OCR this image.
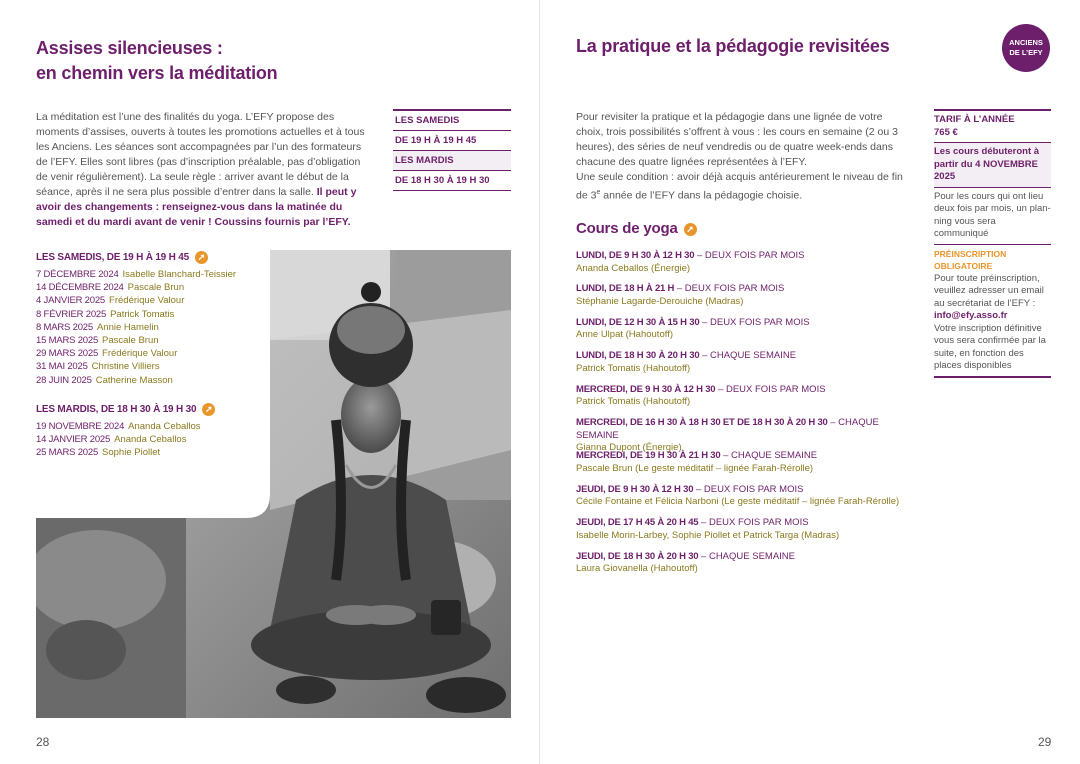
Assises silencieuses :
en chemin vers la méditation
La méditation est l’une des finalités du yoga. L’EFY propose des moments d’assises, ouverts à toutes les promotions actuelles et à tous les Anciens. Les séances sont accompagnées par l’un des formateurs de l’EFY. Elles sont libres (pas d’inscription préalable, pas d’obligation de venir régulièrement). La seule règle : arriver avant le début de la séance, après il ne sera plus possible d’entrer dans la salle. Il peut y avoir des changements : renseignez-vous dans la matinée du samedi et du mardi avant de venir ! Coussins fournis par l’EFY.
LES SAMEDIS
DE 19 H À 19 H 45
LES MARDIS
DE 18 H 30 À 19 H 30
LES SAMEDIS, DE 19 H À 19 H 45 ➚
7 DÉCEMBRE 2024 Isabelle Blanchard-Teissier
14 DÉCEMBRE 2024 Pascale Brun
4 JANVIER 2025 Frédérique Valour
8 FÉVRIER 2025 Patrick Tomatis
8 MARS 2025 Annie Hamelin
15 MARS 2025 Pascale Brun
29 MARS 2025 Frédérique Valour
31 MAI 2025 Christine Villiers
28 JUIN 2025 Catherine Masson
LES MARDIS, DE 18 H 30 À 19 H 30 ➚
19 NOVEMBRE 2024 Ananda Ceballos
14 JANVIER 2025 Ananda Ceballos
25 MARS 2025 Sophie Piollet
28
La pratique et la pédagogie revisitées	ANCIENS
DE L’EFY
Pour revisiter la pratique et la pédagogie dans une lignée de votre choix, trois possibilités s’offrent à vous : les cours en semaine (2 ou 3 heures), des séries de neuf vendredis ou de quatre week-ends dans chacune des quatre lignées représentées à l’EFY.
Une seule condition : avoir déjà acquis antérieurement le niveau de fin de 3e année de l’EFY dans la pédagogie choisie.
Cours de yoga ➚
LUNDI, DE 9 H 30 À 12 H 30 – DEUX FOIS PAR MOIS
Ananda Ceballos (Énergie)
LUNDI, DE 18 H À 21 H – DEUX FOIS PAR MOIS
Stéphanie Lagarde-Derouiche (Madras)
LUNDI, DE 12 H 30 À 15 H 30 – DEUX FOIS PAR MOIS
Anne Ulpat (Hahoutoff)
LUNDI, DE 18 H 30 À 20 H 30 – CHAQUE SEMAINE
Patrick Tomatis (Hahoutoff)
MERCREDI, DE 9 H 30 À 12 H 30 – DEUX FOIS PAR MOIS
Patrick Tomatis (Hahoutoff)
MERCREDI, DE 16 H 30 À 18 H 30 ET DE 18 H 30 À 20 H 30 – CHAQUE SEMAINE
Gianna Dupont (Énergie)
MERCREDI, DE 19 H 30 À 21 H 30 – CHAQUE SEMAINE
Pascale Brun (Le geste méditatif – lignée Farah-Rérolle)
JEUDI, DE 9 H 30 À 12 H 30 – DEUX FOIS PAR MOIS
Cécile Fontaine et Félicia Narboni (Le geste méditatif – lignée Farah-Rérolle)
JEUDI, DE 17 H 45 À 20 H 45 – DEUX FOIS PAR MOIS
Isabelle Morin-Larbey, Sophie Piollet et Patrick Targa (Madras)
JEUDI, DE 18 H 30 À 20 H 30 – CHAQUE SEMAINE
Laura Giovanella (Hahoutoff)
TARIF À L’ANNÉE
765 €
Les cours débuteront à partir du 4 NOVEMBRE 2025
Pour les cours qui ont lieu deux fois par mois, un plan-ning vous sera communiqué
PRÉINSCRIPTION OBLIGATOIRE
Pour toute préinscription, veuillez adresser un email au secrétariat de l’EFY :
info@efy.asso.fr
Votre inscription définitive vous sera confirmée par la suite, en fonction des places disponibles
29
